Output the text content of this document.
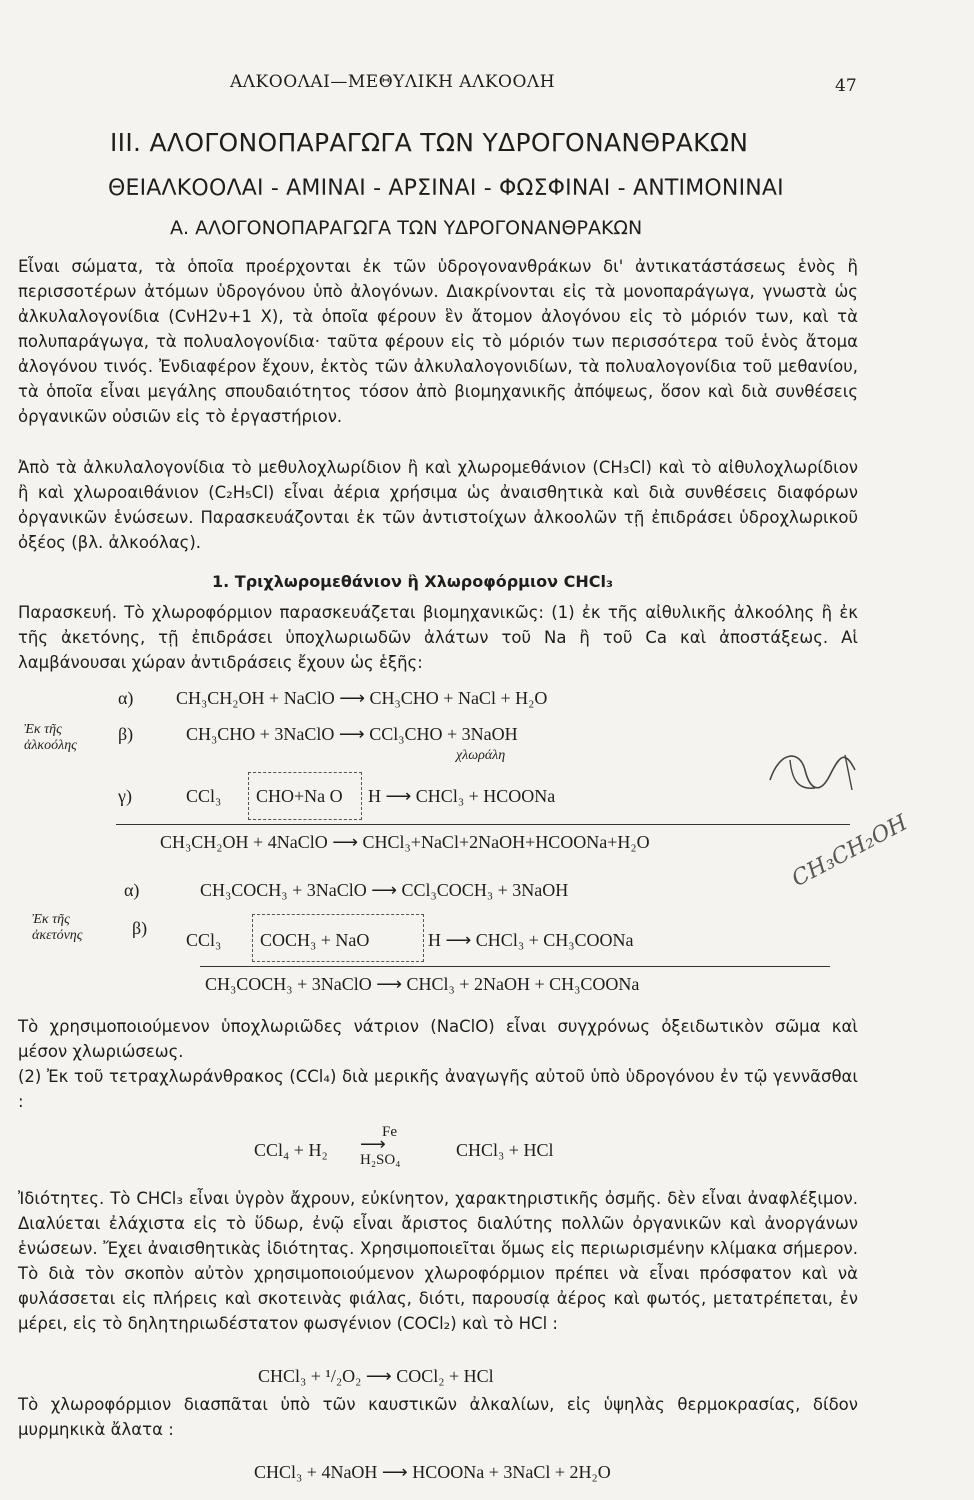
ΑΛΚΟΟΛΑΙ—ΜΕΘΥΛΙΚΗ ΑΛΚΟΟΛΗ	47
III. ΑΛΟΓΟΝΟΠΑΡΑΓΩΓΑ ΤΩΝ ΥΔΡΟΓΟΝΑΝΘΡΑΚΩΝ
ΘΕΙΑΛΚΟΟΛΑΙ - ΑΜΙΝΑΙ - ΑΡΣΙΝΑΙ - ΦΩΣΦΙΝΑΙ - ΑΝΤΙΜΟΝΙΝΑΙ
Α. ΑΛΟΓΟΝΟΠΑΡΑΓΩΓΑ ΤΩΝ ΥΔΡΟΓΟΝΑΝΘΡΑΚΩΝ
Εἶναι σώματα, τὰ ὁποῖα προέρχονται ἐκ τῶν ὑδρογονανθράκων δι' ἀντικατάστάσεως ἑνὸς ἢ περισσοτέρων ἀτόμων ὑδρογόνου ὑπὸ ἀλογόνων. Διακρίνονται εἰς τὰ μονοπαράγωγα, γνωστὰ ὡς ἀλκυλαλογονίδια (CνH2ν+1 X), τὰ ὁποῖα φέρουν ἓν ἄτομον ἀλογόνου εἰς τὸ μόριόν των, καὶ τὰ πολυπαράγωγα, τὰ πολυαλογονίδια· ταῦτα φέρουν εἰς τὸ μόριόν των περισσότερα τοῦ ἑνὸς ἄτομα ἀλογόνου τινός. Ἐνδιαφέρον ἔχουν, ἐκτὸς τῶν ἀλκυλαλογονιδίων, τὰ πολυαλογονίδια τοῦ μεθανίου, τὰ ὁποῖα εἶναι μεγάλης σπουδαιότητος τόσον ἀπὸ βιομηχανικῆς ἀπόψεως, ὅσον καὶ διὰ συνθέσεις ὀργανικῶν οὐσιῶν εἰς τὸ ἐργαστήριον.
Ἀπὸ τὰ ἀλκυλαλογονίδια τὸ μεθυλοχλωρίδιον ἢ καὶ χλωρομεθάνιον (CH₃Cl) καὶ τὸ αἰθυλοχλωρίδιον ἢ καὶ χλωροαιθάνιον (C₂H₅Cl) εἶναι ἀέρια χρήσιμα ὡς ἀναισθητικὰ καὶ διὰ συνθέσεις διαφόρων ὀργανικῶν ἑνώσεων. Παρασκευάζονται ἐκ τῶν ἀντιστοίχων ἀλκοολῶν τῇ ἐπιδράσει ὑδροχλωρικοῦ ὀξέος (βλ. ἀλκοόλας).
1. Τριχλωρομεθάνιον ἢ Χλωροφόρμιον CHCl₃
Παρασκευή. Τὸ χλωροφόρμιον παρασκευάζεται βιομηχανικῶς: (1) ἐκ τῆς αἰθυλικῆς ἀλκοόλης ἢ ἐκ τῆς ἀκετόνης, τῇ ἐπιδράσει ὑποχλωριωδῶν ἀλάτων τοῦ Na ἢ τοῦ Ca καὶ ἀποστάξεως. Αἱ λαμβάνουσαι χώραν ἀντιδράσεις ἔχουν ὡς ἑξῆς:
Ἐκ τῆς
ἀλκοόλης
α) CH₃CH₂OH + NaClO ⟶ CH₃CHO + NaCl + H₂O
β)	CH₃CHO + 3NaClO ⟶ CCl₃CHO + 3NaOH
χλωράλη
γ)	CCl₃ CHO+Na O H ⟶ CHCl₃ + HCOONa
CH₃CH₂OH + 4NaClO ⟶ CHCl₃+NaCl+2NaOH+HCOONa+H₂O
Ἐκ τῆς
ἀκετόνης
α)	CH₃COCH₃ + 3NaClO ⟶ CCl₃COCH₃ + 3NaOH
β)
CCl₃ COCH₃ + NaO	H ⟶ CHCl₃ + CH₃COONa
CH₃COCH₃ + 3NaClO ⟶ CHCl₃ + 2NaOH + CH₃COONa
Τὸ χρησιμοποιούμενον ὑποχλωριῶδες νάτριον (NaClO) εἶναι συγχρόνως ὀξειδωτικὸν σῶμα καὶ μέσον χλωριώσεως.
(2) Ἐκ τοῦ τετραχλωράνθρακος (CCl₄) διὰ μερικῆς ἀναγωγῆς αὐτοῦ ὑπὸ ὑδρογόνου ἐν τῷ γεννᾶσθαι :
CCl₄ + H₂
Fe
⟶
H₂SO₄	CHCl₃ + HCl
Ἰδιότητες. Τὸ CHCl₃ εἶναι ὑγρὸν ἄχρουν, εὐκίνητον, χαρακτηριστικῆς ὀσμῆς. δὲν εἶναι ἀναφλέξιμον. Διαλύεται ἐλάχιστα εἰς τὸ ὕδωρ, ἐνῷ εἶναι ἄριστος διαλύτης πολλῶν ὀργανικῶν καὶ ἀνοργάνων ἑνώσεων. Ἔχει ἀναισθητικὰς ἰδιότητας. Χρησιμοποιεῖται ὅμως εἰς περιωρισμένην κλίμακα σήμερον. Τὸ διὰ τὸν σκοπὸν αὐτὸν χρησιμοποιούμενον χλωροφόρμιον πρέπει νὰ εἶναι πρόσφατον καὶ νὰ φυλάσσεται εἰς πλήρεις καὶ σκοτεινὰς φιάλας, διότι, παρουσίᾳ ἀέρος καὶ φωτός, μετατρέπεται, ἐν μέρει, εἰς τὸ δηλητηριωδέστατον φωσγένιον (COCl₂) καὶ τὸ HCl :
CHCl₃ + ¹/₂O₂ ⟶ COCl₂ + HCl
Τὸ χλωροφόρμιον διασπᾶται ὑπὸ τῶν καυστικῶν ἀλκαλίων, εἰς ὑψηλὰς θερμοκρασίας, δίδον μυρμηκικὰ ἄλατα :
CHCl₃ + 4NaOH ⟶ HCOONa + 3NaCl + 2H₂O
CH₃CH₂OH
